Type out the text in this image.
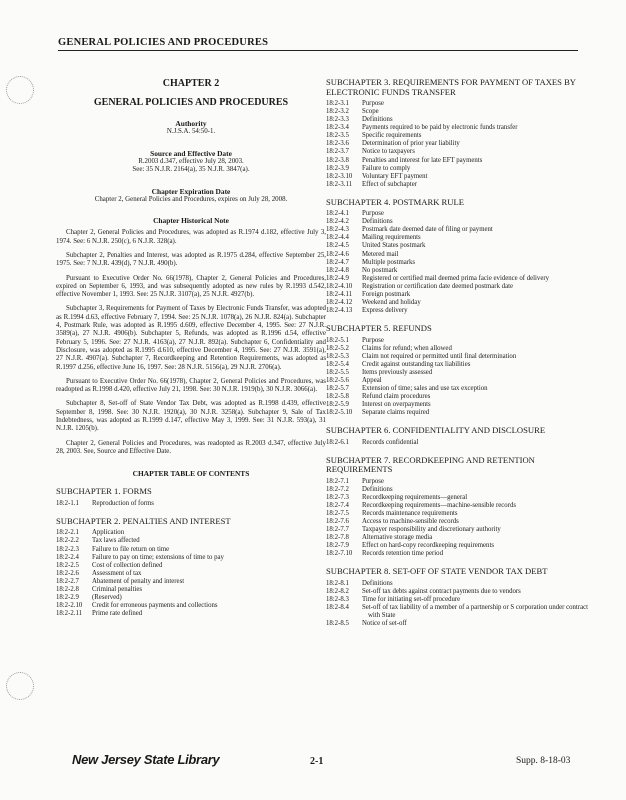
GENERAL POLICIES AND PROCEDURES

CHAPTER 2

GENERAL POLICIES AND PROCEDURES

Authority

N.J.S.A. 54:50-1.

Source and Effective Date

R.2003 d.347, effective July 28, 2003.

See: 35 N.J.R. 2164(a), 35 N.J.R. 3847(a).

Chapter Expiration Date

Chapter 2, General Policies and Procedures, expires on July 28, 2008.

Chapter Historical Note

Chapter 2, General Policies and Procedures, was adopted as R.1974 d.182, effective July 3, 1974. See: 6 N.J.R. 250(c), 6 N.J.R. 328(a).

Subchapter 2, Penalties and Interest, was adopted as R.1975 d.284, effective September 25, 1975. See: 7 N.J.R. 439(d), 7 N.J.R. 490(b).

Pursuant to Executive Order No. 66(1978), Chapter 2, General Policies and Procedures, expired on September 6, 1993, and was subsequently adopted as new rules by R.1993 d.542, effective November 1, 1993. See: 25 N.J.R. 3107(a), 25 N.J.R. 4927(b).

Subchapter 3, Requirements for Payment of Taxes by Electronic Funds Transfer, was adopted as R.1994 d.63, effective February 7, 1994. See: 25 N.J.R. 1078(a), 26 N.J.R. 824(a). Subchapter 4, Postmark Rule, was adopted as R.1995 d.609, effective December 4, 1995. See: 27 N.J.R. 3589(a), 27 N.J.R. 4906(b). Subchapter 5, Refunds, was adopted as R.1996 d.54, effective February 5, 1996. See: 27 N.J.R. 4163(a), 27 N.J.R. 892(a). Subchapter 6, Confidentiality and Disclosure, was adopted as R.1995 d.610, effective December 4, 1995. See: 27 N.J.R. 3591(a), 27 N.J.R. 4907(a). Subchapter 7, Recordkeeping and Retention Requirements, was adopted as R.1997 d.256, effective June 16, 1997. See: 28 N.J.R. 5156(a), 29 N.J.R. 2706(a).

Pursuant to Executive Order No. 66(1978), Chapter 2, General Policies and Procedures, was readopted as R.1998 d.420, effective July 21, 1998. See: 30 N.J.R. 1919(b), 30 N.J.R. 3066(a).

Subchapter 8, Set-off of State Vendor Tax Debt, was adopted as R.1998 d.439, effective September 8, 1998. See: 30 N.J.R. 1920(a), 30 N.J.R. 3258(a). Subchapter 9, Sale of Tax Indebtedness, was adopted as R.1999 d.147, effective May 3, 1999. See: 31 N.J.R. 593(a), 31 N.J.R. 1205(b).

Chapter 2, General Policies and Procedures, was readopted as R.2003 d.347, effective July 28, 2003. See, Source and Effective Date.

CHAPTER TABLE OF CONTENTS

SUBCHAPTER 1. FORMS

18:2-1.1	Reproduction of forms

SUBCHAPTER 2. PENALTIES AND INTEREST

18:2-2.1	Application
18:2-2.2	Tax laws affected
18:2-2.3	Failure to file return on time
18:2-2.4	Failure to pay on time; extensions of time to pay
18:2-2.5	Cost of collection defined
18:2-2.6	Assessment of tax
18:2-2.7	Abatement of penalty and interest
18:2-2.8	Criminal penalties
18:2-2.9	(Reserved)
18:2-2.10	Credit for erroneous payments and collections
18:2-2.11	Prime rate defined

SUBCHAPTER 3. REQUIREMENTS FOR PAYMENT OF TAXES BY ELECTRONIC FUNDS TRANSFER

18:2-3.1	Purpose
18:2-3.2	Scope
18:2-3.3	Definitions
18:2-3.4	Payments required to be paid by electronic funds transfer
18:2-3.5	Specific requirements
18:2-3.6	Determination of prior year liability
18:2-3.7	Notice to taxpayers
18:2-3.8	Penalties and interest for late EFT payments
18:2-3.9	Failure to comply
18:2-3.10	Voluntary EFT payment
18:2-3.11	Effect of subchapter

SUBCHAPTER 4. POSTMARK RULE

18:2-4.1	Purpose
18:2-4.2	Definitions
18:2-4.3	Postmark date deemed date of filing or payment
18:2-4.4	Mailing requirements
18:2-4.5	United States postmark
18:2-4.6	Metered mail
18:2-4.7	Multiple postmarks
18:2-4.8	No postmark
18:2-4.9	Registered or certified mail deemed prima facie evidence of delivery
18:2-4.10	Registration or certification date deemed postmark date
18:2-4.11	Foreign postmark
18:2-4.12	Weekend and holiday
18:2-4.13	Express delivery

SUBCHAPTER 5. REFUNDS

18:2-5.1	Purpose
18:2-5.2	Claims for refund; when allowed
18:2-5.3	Claim not required or permitted until final determination
18:2-5.4	Credit against outstanding tax liabilities
18:2-5.5	Items previously assessed
18:2-5.6	Appeal
18:2-5.7	Extension of time; sales and use tax exception
18:2-5.8	Refund claim procedures
18:2-5.9	Interest on overpayments
18:2-5.10	Separate claims required

SUBCHAPTER 6. CONFIDENTIALITY AND DISCLOSURE

18:2-6.1	Records confidential

SUBCHAPTER 7. RECORDKEEPING AND RETENTION REQUIREMENTS

18:2-7.1	Purpose
18:2-7.2	Definitions
18:2-7.3	Recordkeeping requirements—general
18:2-7.4	Recordkeeping requirements—machine-sensible records
18:2-7.5	Records maintenance requirements
18:2-7.6	Access to machine-sensible records
18:2-7.7	Taxpayer responsibility and discretionary authority
18:2-7.8	Alternative storage media
18:2-7.9	Effect on hard-copy recordkeeping requirements
18:2-7.10	Records retention time period

SUBCHAPTER 8. SET-OFF OF STATE VENDOR TAX DEBT

18:2-8.1	Definitions
18:2-8.2	Set-off tax debts against contract payments due to vendors
18:2-8.3	Time for initiating set-off procedure
18:2-8.4	Set-off of tax liability of a member of a partnership or S corporation under contract with State
18:2-8.5	Notice of set-off
New Jersey State Library	2-1	Supp. 8-18-03
